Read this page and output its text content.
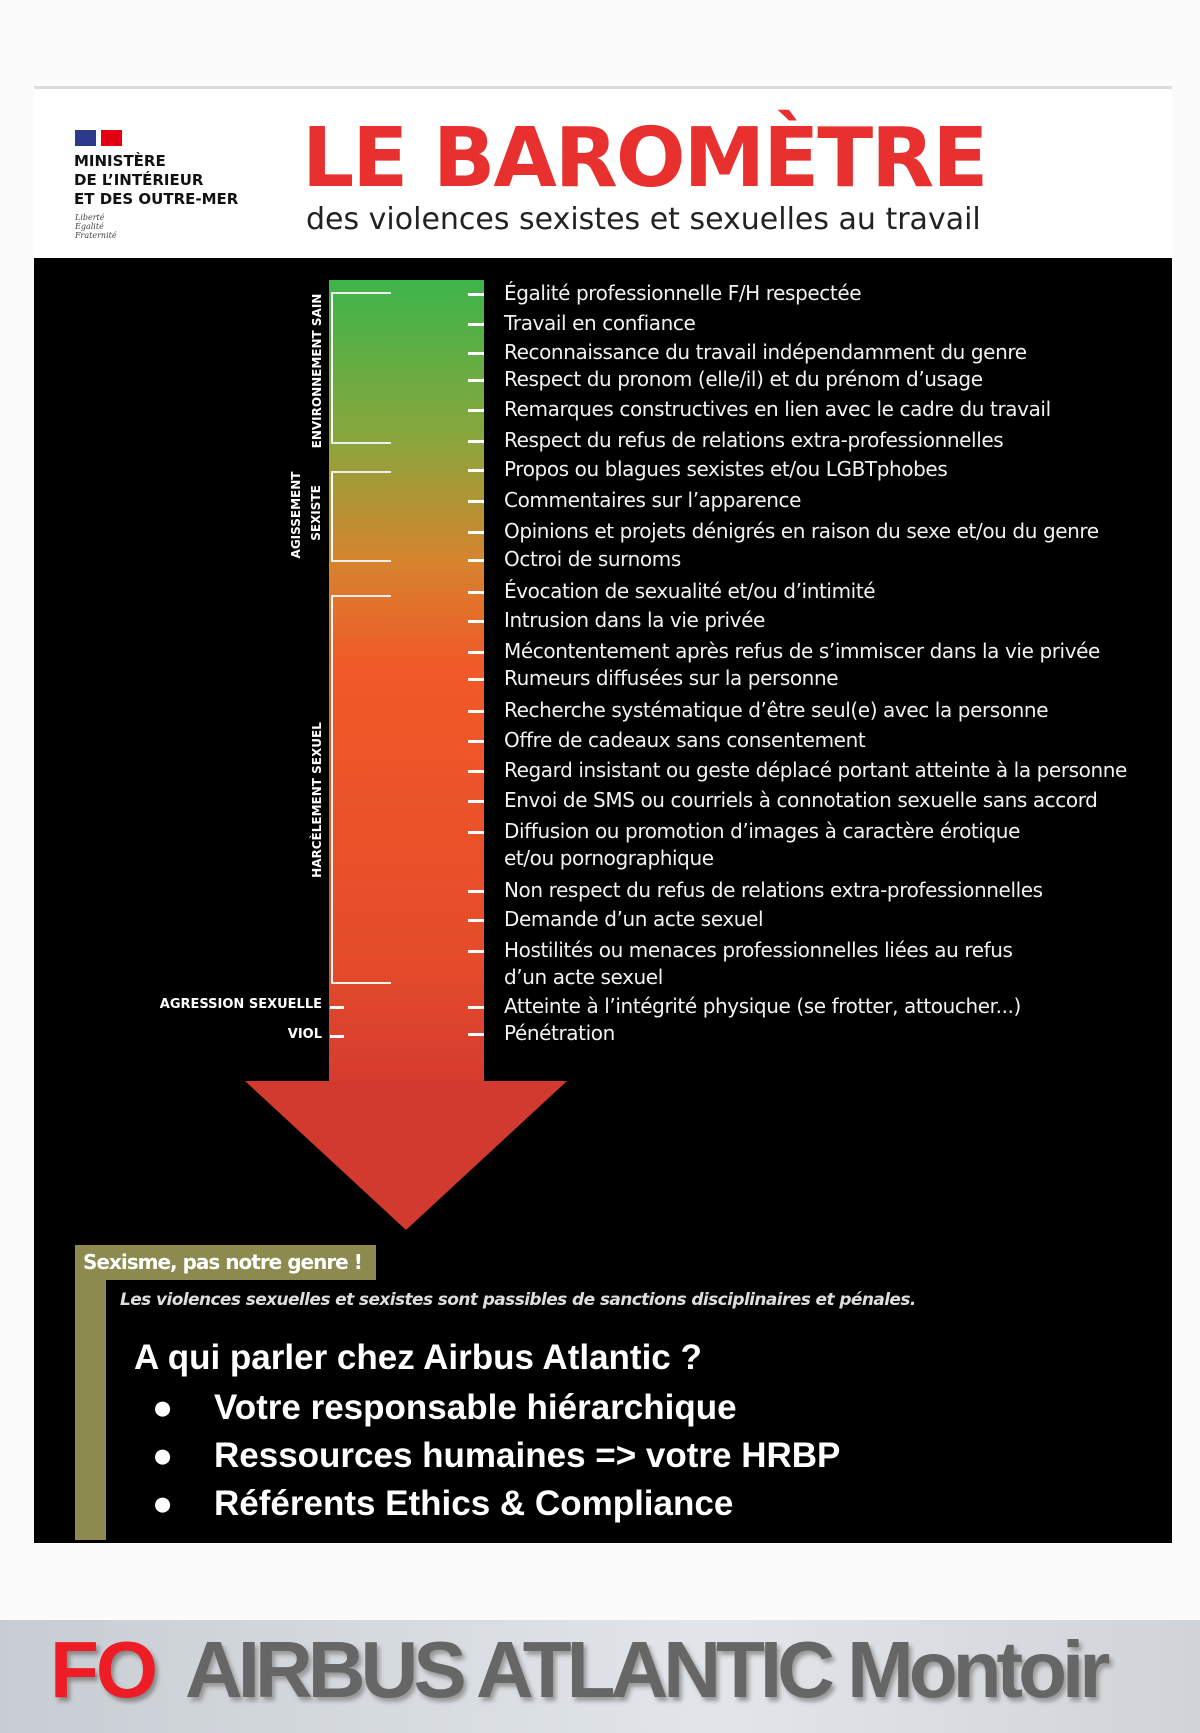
MINISTÈRE
DE L’INTÉRIEUR
ET DES OUTRE-MER
Liberté
Égalité
Fraternité
LE BAROMÈTRE
des violences sexistes et sexuelles au travail
ENVIRONNEMENT SAIN
AGISSEMENT SEXISTE
HARCÈLEMENT SEXUEL
AGRESSION SEXUELLE
VIOL
Égalité professionnelle F/H respectée
Travail en confiance
Reconnaissance du travail indépendamment du genre
Respect du pronom (elle/il) et du prénom d’usage
Remarques constructives en lien avec le cadre du travail
Respect du refus de relations extra-professionnelles
Propos ou blagues sexistes et/ou LGBTphobes
Commentaires sur l’apparence
Opinions et projets dénigrés en raison du sexe et/ou du genre
Octroi de surnoms
Évocation de sexualité et/ou d’intimité
Intrusion dans la vie privée
Mécontentement après refus de s’immiscer dans la vie privée
Rumeurs diffusées sur la personne
Recherche systématique d’être seul(e) avec la personne
Offre de cadeaux sans consentement
Regard insistant ou geste déplacé portant atteinte à la personne
Envoi de SMS ou courriels à connotation sexuelle sans accord
Diffusion ou promotion d’images à caractère érotique
et/ou pornographique
Non respect du refus de relations extra-professionnelles
Demande d’un acte sexuel
Hostilités ou menaces professionnelles liées au refus
d’un acte sexuel
Atteinte à l’intégrité physique (se frotter, attoucher...)
Pénétration
Sexisme, pas notre genre !
Les violences sexuelles et sexistes sont passibles de sanctions disciplinaires et pénales.
A qui parler chez Airbus Atlantic ?
● Votre responsable hiérarchique
● Ressources humaines => votre HRBP
● Référents Ethics & Compliance
FO AIRBUS ATLANTIC Montoir
